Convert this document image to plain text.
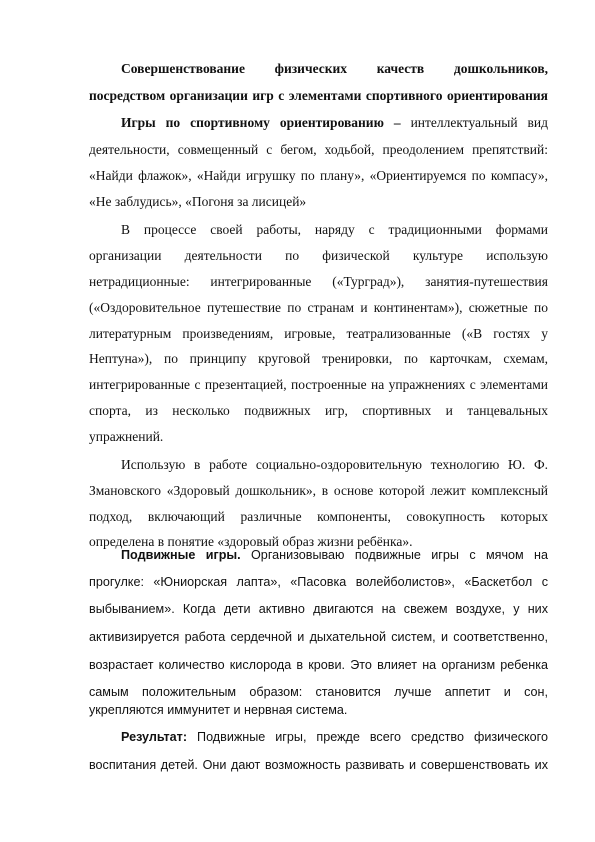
Совершенствование физических качеств дошкольников,
посредством организации игр с элементами спортивного ориентирования
Игры по спортивному ориентированию – интеллектуальный вид
деятельности, совмещенный с бегом, ходьбой, преодолением препятствий:
«Найди флажок», «Найди игрушку по плану», «Ориентируемся по компасу»,
«Не заблудись», «Погоня за лисицей»
В процессе своей работы, наряду с традиционными формами
организации деятельности по физической культуре использую
нетрадиционные: интегрированные («Турград»), занятия-путешествия
(«Оздоровительное путешествие по странам и континентам»), сюжетные по
литературным произведениям, игровые, театрализованные («В гостях у
Нептуна»), по принципу круговой тренировки, по карточкам, схемам,
интегрированные с презентацией, построенные на упражнениях с элементами
спорта, из несколько подвижных игр, спортивных и танцевальных
упражнений.
Использую в работе социально-оздоровительную технологию Ю. Ф.
Змановского «Здоровый дошкольник», в основе которой лежит комплексный
подход, включающий различные компоненты, совокупность которых
определена в понятие «здоровый образ жизни ребёнка».
Подвижные игры. Организовываю подвижные игры с мячом на
прогулке: «Юниорская лапта», «Пасовка волейболистов», «Баскетбол с
выбыванием». Когда дети активно двигаются на свежем воздухе, у них
активизируется работа сердечной и дыхательной систем, и соответственно,
возрастает количество кислорода в крови. Это влияет на организм ребенка
самым положительным образом: становится лучше аппетит и сон,
укрепляются иммунитет и нервная система.
Результат: Подвижные игры, прежде всего средство физического
воспитания детей. Они дают возможность развивать и совершенствовать их
